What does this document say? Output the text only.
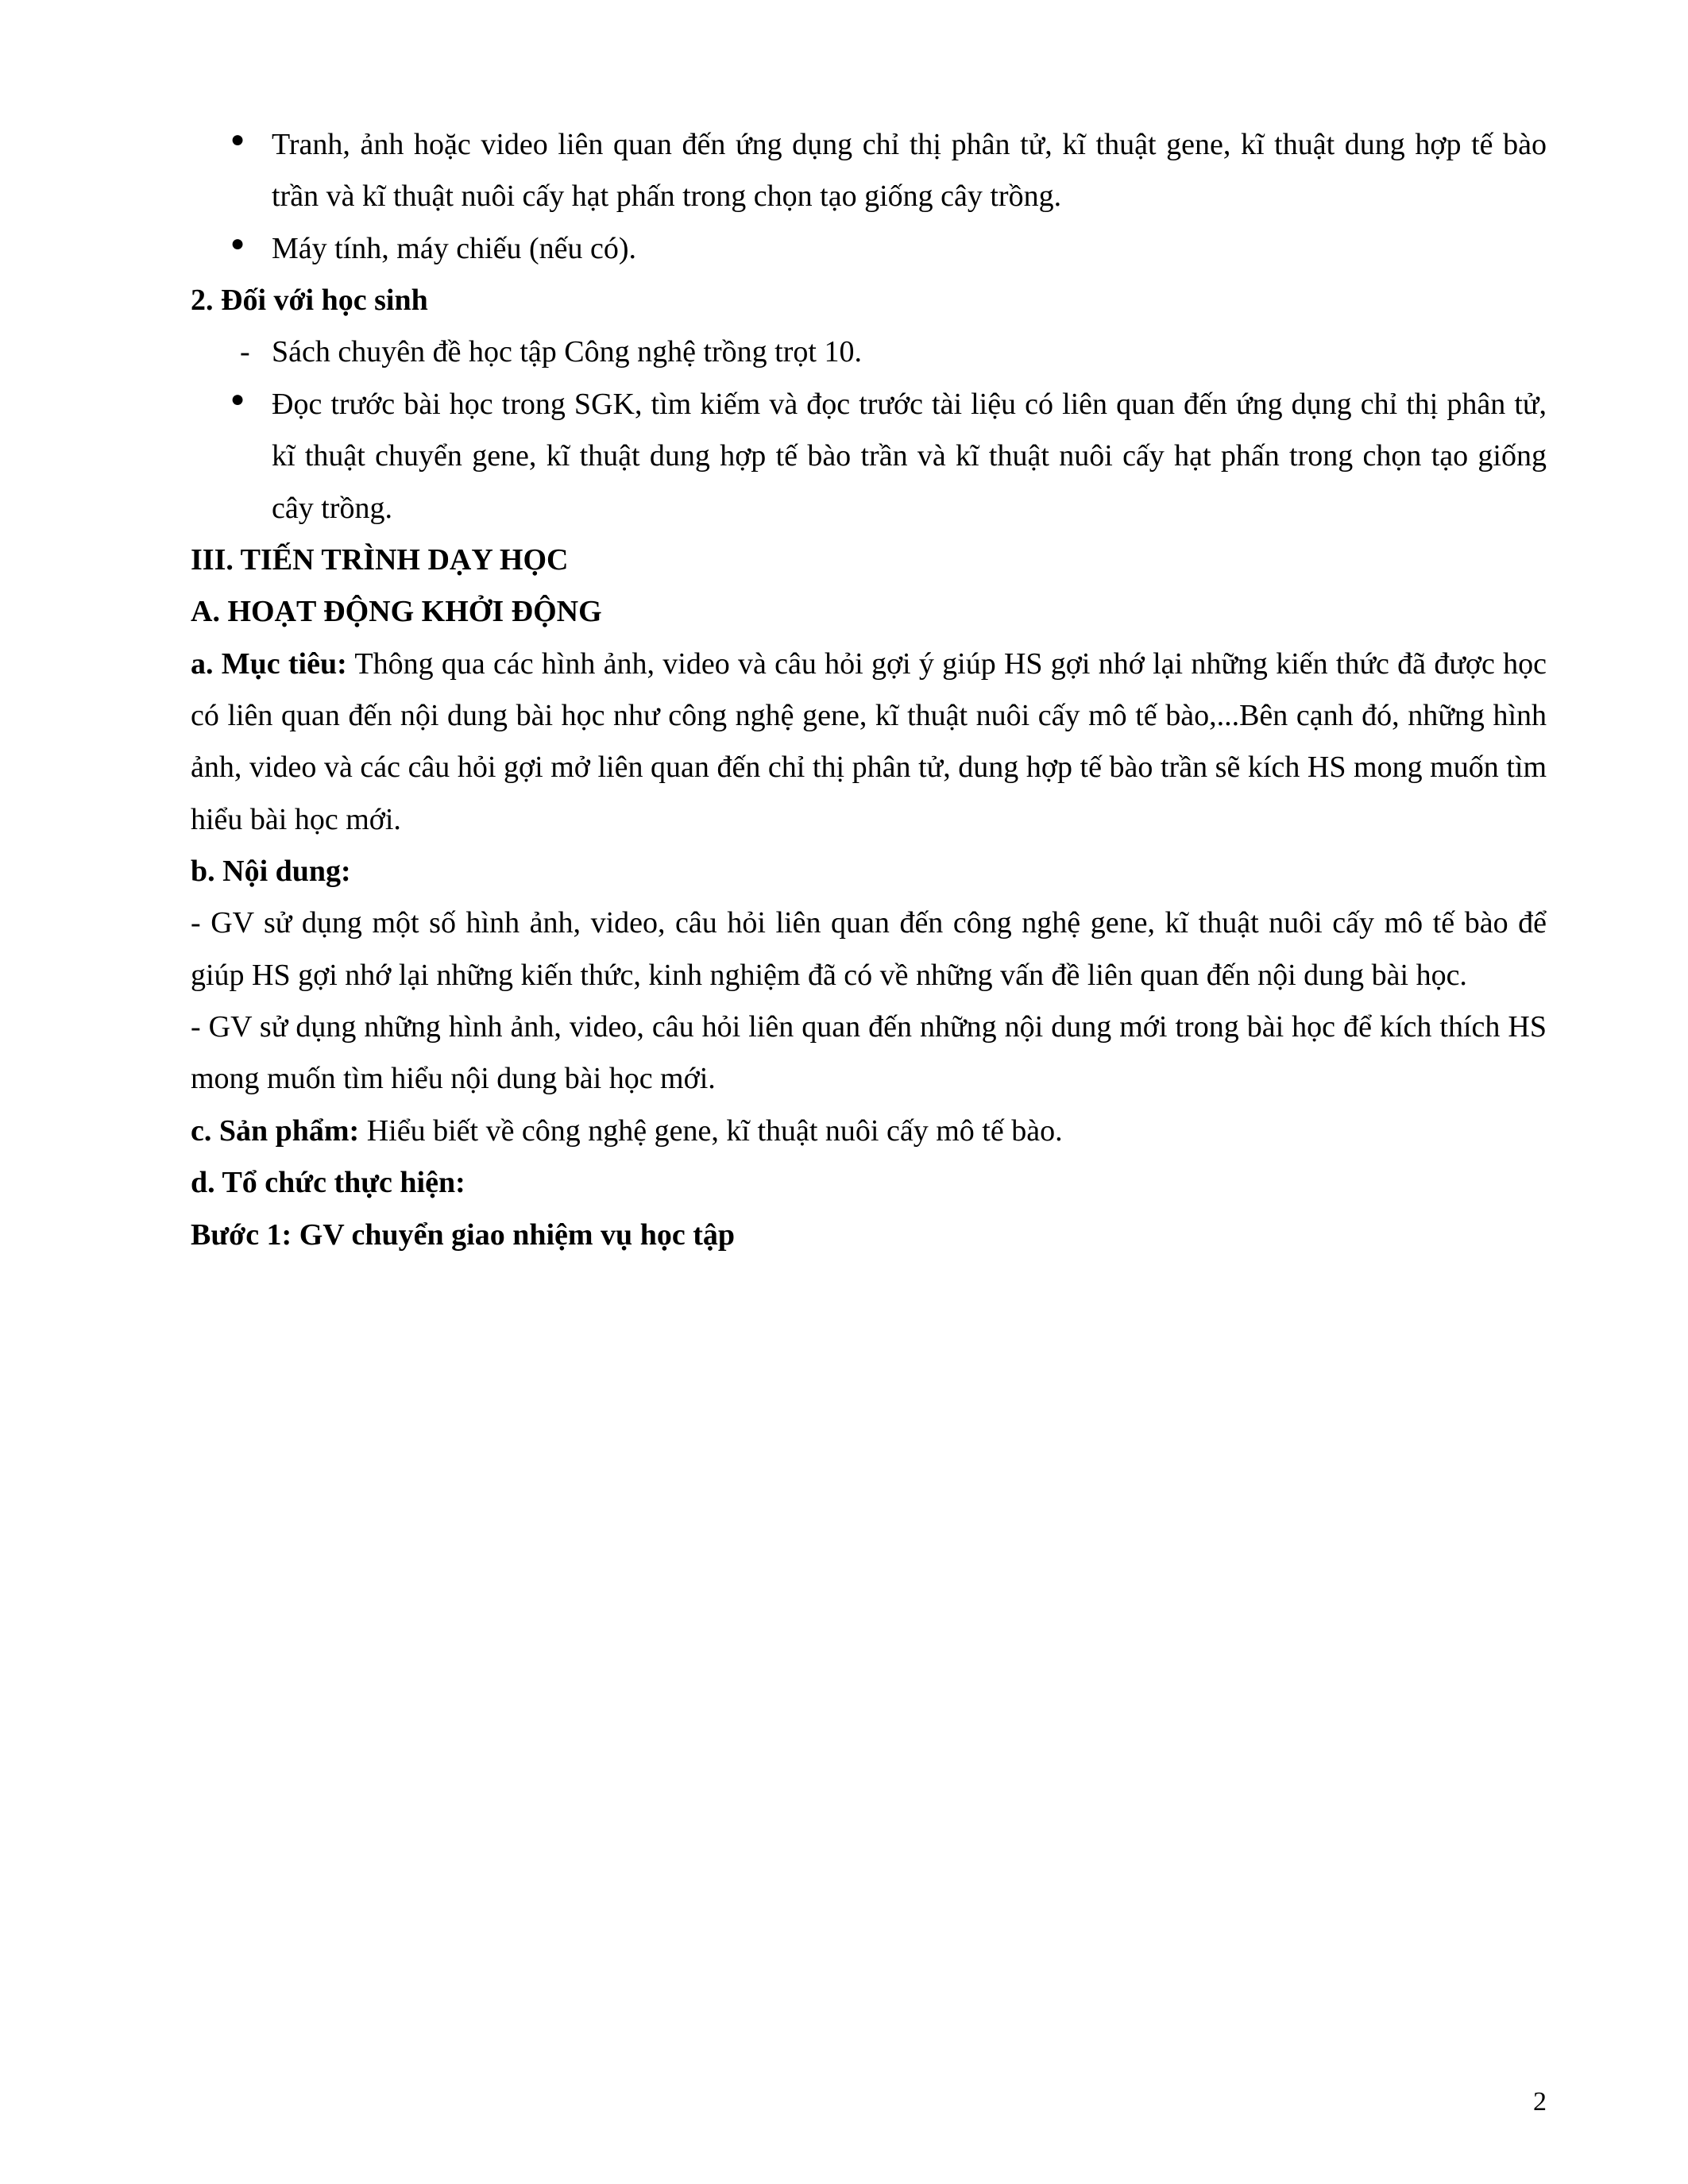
● Tranh, ảnh hoặc video liên quan đến ứng dụng chỉ thị phân tử, kĩ thuật gene, kĩ thuật dung hợp tế bào trần và kĩ thuật nuôi cấy hạt phấn trong chọn tạo giống cây trồng.
● Máy tính, máy chiếu (nếu có).

2. Đối với học sinh

- Sách chuyên đề học tập Công nghệ trồng trọt 10.
● Đọc trước bài học trong SGK, tìm kiếm và đọc trước tài liệu có liên quan đến ứng dụng chỉ thị phân tử, kĩ thuật chuyển gene, kĩ thuật dung hợp tế bào trần và kĩ thuật nuôi cấy hạt phấn trong chọn tạo giống cây trồng.

III. TIẾN TRÌNH DẠY HỌC

A. HOẠT ĐỘNG KHỞI ĐỘNG

a. Mục tiêu: Thông qua các hình ảnh, video và câu hỏi gợi ý giúp HS gợi nhớ lại những kiến thức đã được học có liên quan đến nội dung bài học như công nghệ gene, kĩ thuật nuôi cấy mô tế bào,...Bên cạnh đó, những hình ảnh, video và các câu hỏi gợi mở liên quan đến chỉ thị phân tử, dung hợp tế bào trần sẽ kích HS mong muốn tìm hiểu bài học mới.

b. Nội dung:

- GV sử dụng một số hình ảnh, video, câu hỏi liên quan đến công nghệ gene, kĩ thuật nuôi cấy mô tế bào để giúp HS gợi nhớ lại những kiến thức, kinh nghiệm đã có về những vấn đề liên quan đến nội dung bài học.

- GV sử dụng những hình ảnh, video, câu hỏi liên quan đến những nội dung mới trong bài học để kích thích HS mong muốn tìm hiểu nội dung bài học mới.

c. Sản phẩm: Hiểu biết về công nghệ gene, kĩ thuật nuôi cấy mô tế bào.

d. Tổ chức thực hiện:

Bước 1: GV chuyển giao nhiệm vụ học tập

2
